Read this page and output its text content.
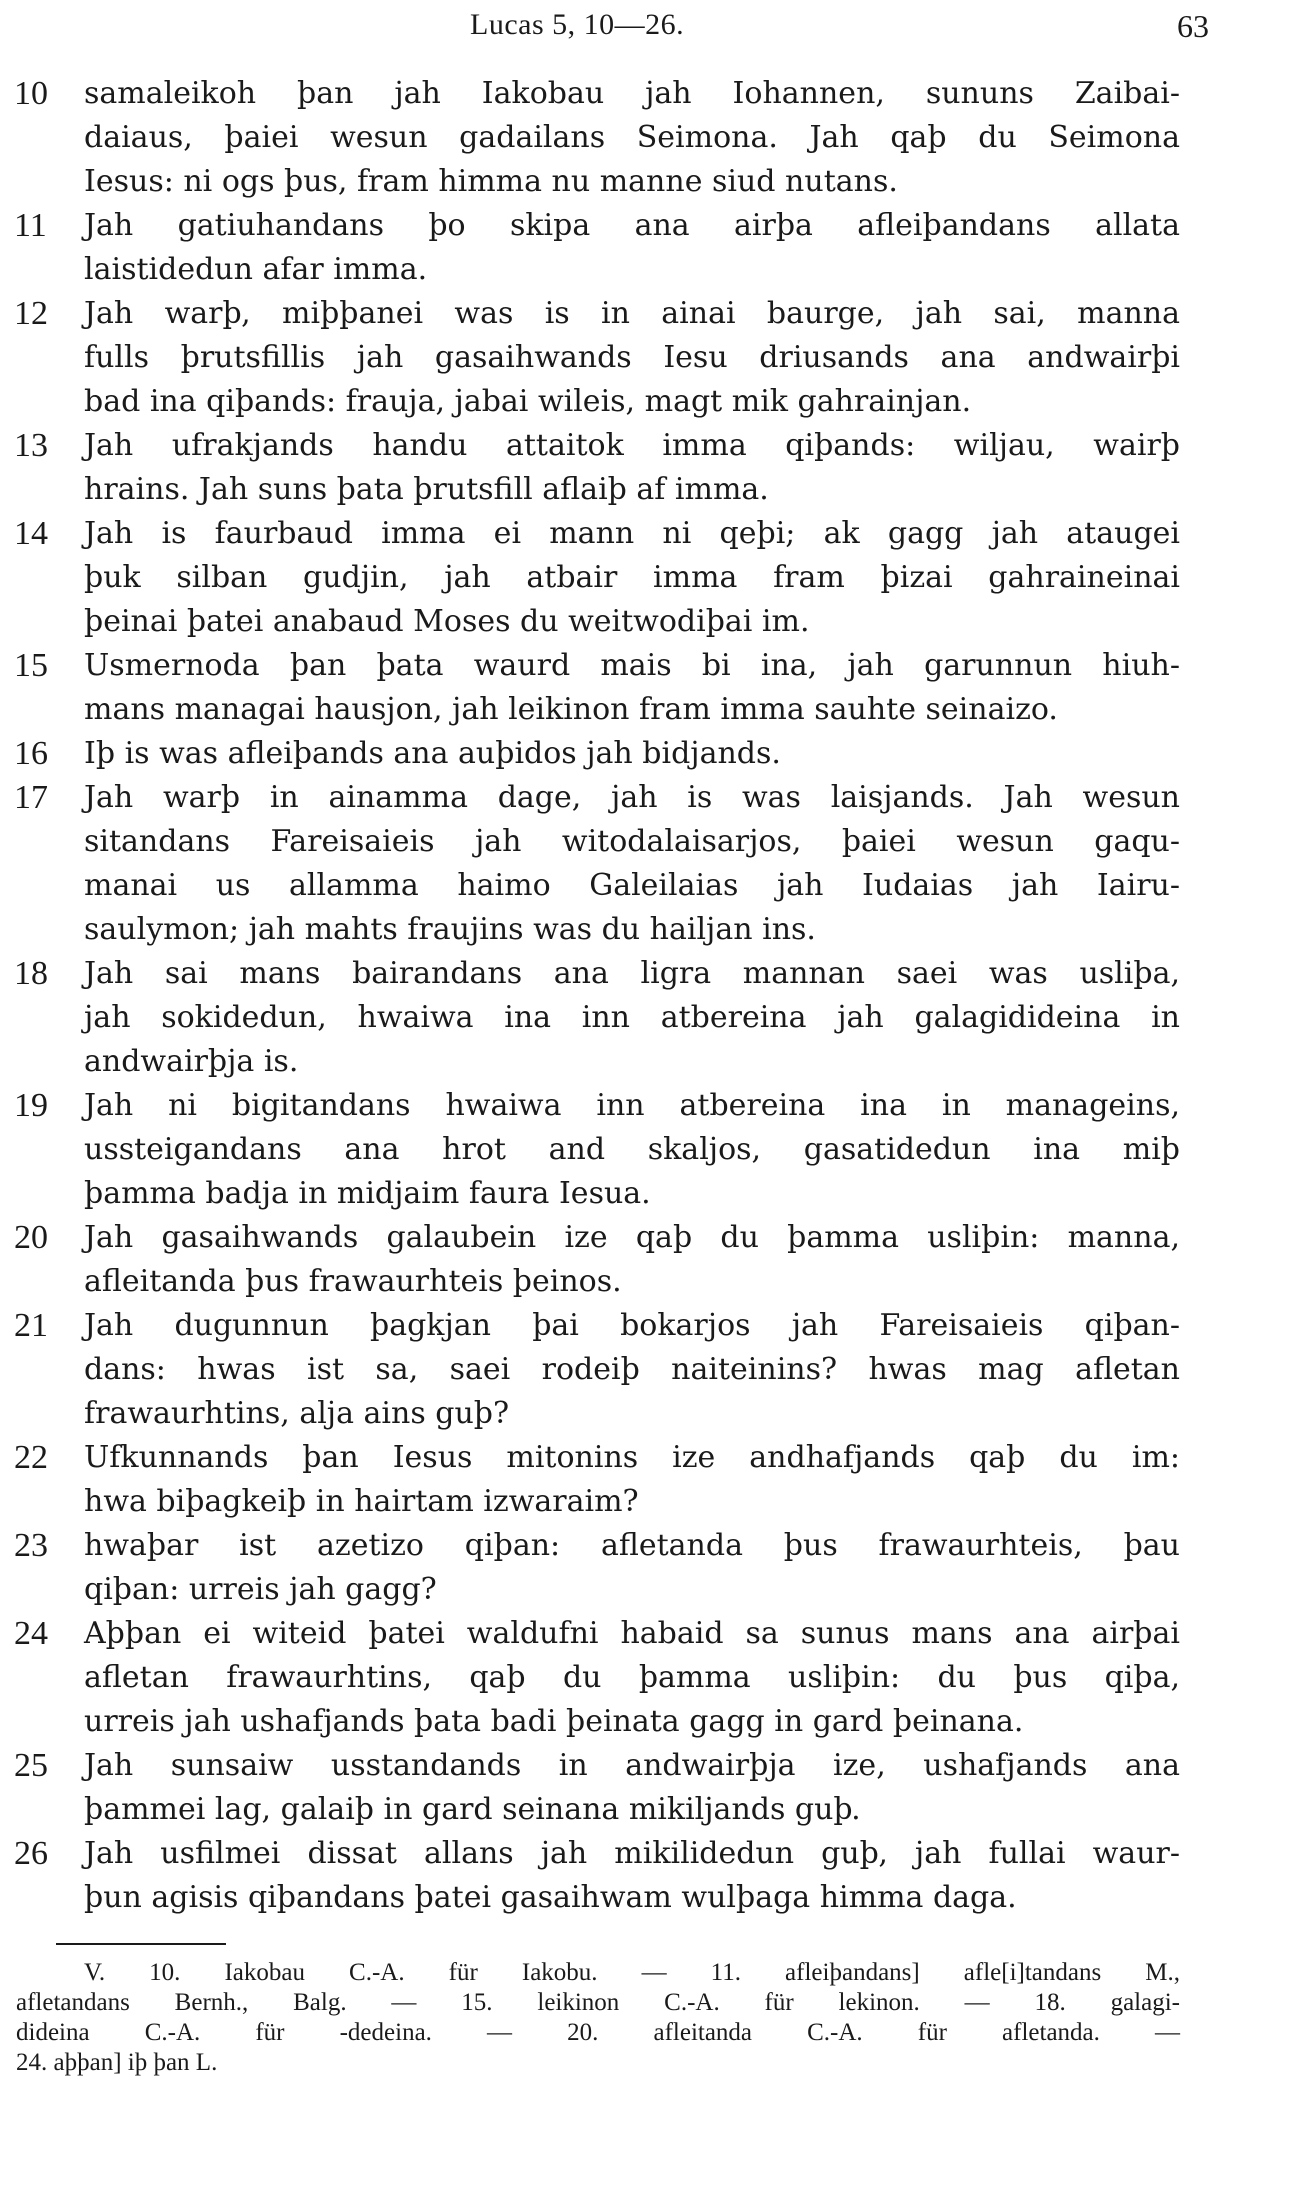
Lucas 5, 10—26.	63
10	samaleikoh þan jah Iakobau jah Iohannen, sununs Zaibai-
daiaus, þaiei wesun gadailans Seimona. Jah qaþ du Seimona
Iesus: ni ogs þus, fram himma nu manne siud nutans.
11	Jah gatiuhandans þo skipa ana airþa afleiþandans allata
laistidedun afar imma.
12	Jah warþ, miþþanei was is in ainai baurge, jah sai, manna
fulls þrutsfillis jah gasaihwands Iesu driusands ana andwairþi
bad ina qiþands: frauja, jabai wileis, magt mik gahrainjan.
13	Jah ufrakjands handu attaitok imma qiþands: wiljau, wairþ
hrains. Jah suns þata þrutsfill aflaiþ af imma.
14	Jah is faurbaud imma ei mann ni qeþi; ak gagg jah ataugei
þuk silban gudjin, jah atbair imma fram þizai gahraineinai
þeinai þatei anabaud Moses du weitwodiþai im.
15	Usmernoda þan þata waurd mais bi ina, jah garunnun hiuh-
mans managai hausjon, jah leikinon fram imma sauhte seinaizo.
16	Iþ is was afleiþands ana auþidos jah bidjands.
17	Jah warþ in ainamma dage, jah is was laisjands. Jah wesun
sitandans Fareisaieis jah witodalaisarjos, þaiei wesun gaqu-
manai us allamma haimo Galeilaias jah Iudaias jah Iairu-
saulymon; jah mahts fraujins was du hailjan ins.
18	Jah sai mans bairandans ana ligra mannan saei was usliþa,
jah sokidedun, hwaiwa ina inn atbereina jah galagidideina in
andwairþja is.
19	Jah ni bigitandans hwaiwa inn atbereina ina in manageins,
ussteigandans ana hrot and skaljos, gasatidedun ina miþ
þamma badja in midjaim faura Iesua.
20	Jah gasaihwands galaubein ize qaþ du þamma usliþin: manna,
afleitanda þus frawaurhteis þeinos.
21	Jah dugunnun þagkjan þai bokarjos jah Fareisaieis qiþan-
dans: hwas ist sa, saei rodeiþ naiteinins? hwas mag afletan
frawaurhtins, alja ains guþ?
22	Ufkunnands þan Iesus mitonins ize andhafjands qaþ du im:
hwa biþagkeiþ in hairtam izwaraim?
23	hwaþar ist azetizo qiþan: afletanda þus frawaurhteis, þau
qiþan: urreis jah gagg?
24	Aþþan ei witeid þatei waldufni habaid sa sunus mans ana airþai
afletan frawaurhtins, qaþ du þamma usliþin: du þus qiþa,
urreis jah ushafjands þata badi þeinata gagg in gard þeinana.
25	Jah sunsaiw usstandands in andwairþja ize, ushafjands ana
þammei lag, galaiþ in gard seinana mikiljands guþ.
26	Jah usfilmei dissat allans jah mikilidedun guþ, jah fullai waur-
þun agisis qiþandans þatei gasaihwam wulþaga himma daga.
V. 10. Iakobau C.-A. für Iakobu. — 11. afleiþandans] afle[i]tandans M.,
afletandans Bernh., Balg. — 15. leikinon C.-A. für lekinon. — 18. galagi-
dideina C.-A. für -dedeina. — 20. afleitanda C.-A. für afletanda. —
24. aþþan] iþ þan L.
